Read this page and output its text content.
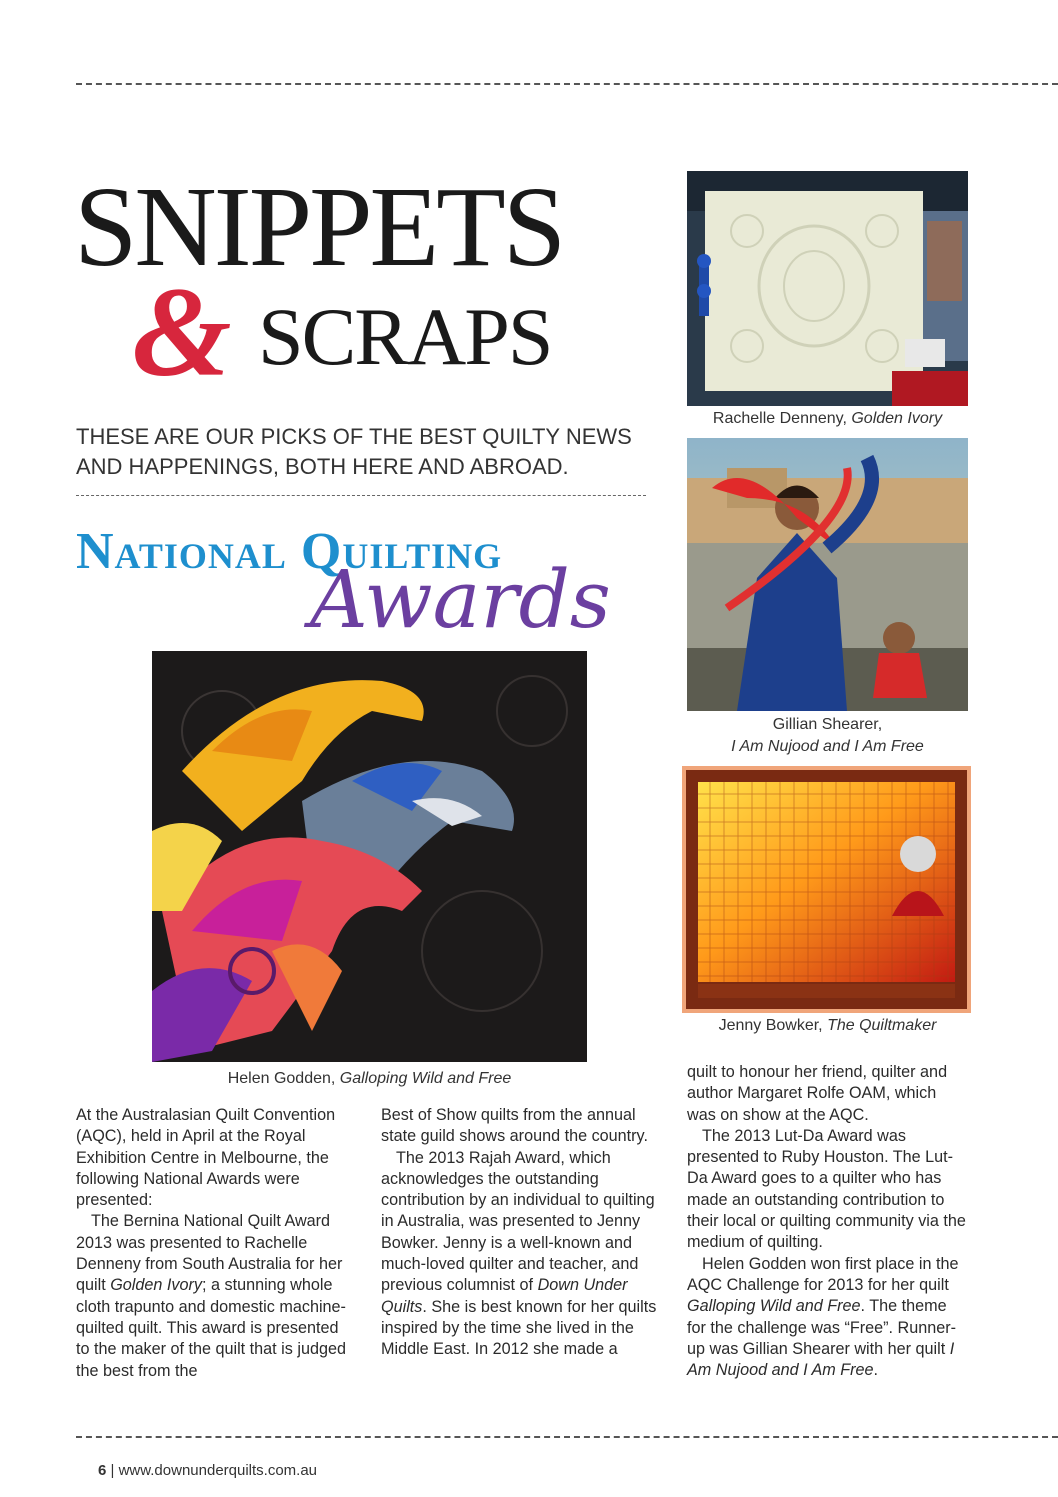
SNIPPETS
& SCRAPS
THESE ARE OUR PICKS OF THE BEST QUILTY NEWS
AND HAPPENINGS, BOTH HERE AND ABROAD.
National Quilting
Awards
Rachelle Denneny, Golden Ivory
Gillian Shearer,
I Am Nujood and I Am Free
Jenny Bowker, The Quiltmaker
Helen Godden, Galloping Wild and Free

At the Australasian Quilt Convention (AQC), held in April at the Royal Exhibition Centre in Melbourne, the following National Awards were presented:

The Bernina National Quilt Award 2013 was presented to Rachelle Denneny from South Australia for her quilt Golden Ivory; a stunning whole cloth trapunto and domestic machine-quilted quilt. This award is presented to the maker of the quilt that is judged the best from the

Best of Show quilts from the annual state guild shows around the country.

The 2013 Rajah Award, which acknowledges the outstanding contribution by an individual to quilting in Australia, was presented to Jenny Bowker. Jenny is a well-known and much-loved quilter and teacher, and previous columnist of Down Under Quilts. She is best known for her quilts inspired by the time she lived in the Middle East. In 2012 she made a

quilt to honour her friend, quilter and author Margaret Rolfe OAM, which was on show at the AQC.

The 2013 Lut-Da Award was presented to Ruby Houston. The Lut-Da Award goes to a quilter who has made an outstanding contribution to their local or quilting community via the medium of quilting.

Helen Godden won first place in the AQC Challenge for 2013 for her quilt Galloping Wild and Free. The theme for the challenge was “Free”. Runner-up was Gillian Shearer with her quilt I Am Nujood and I Am Free.

6 | www.downunderquilts.com.au
